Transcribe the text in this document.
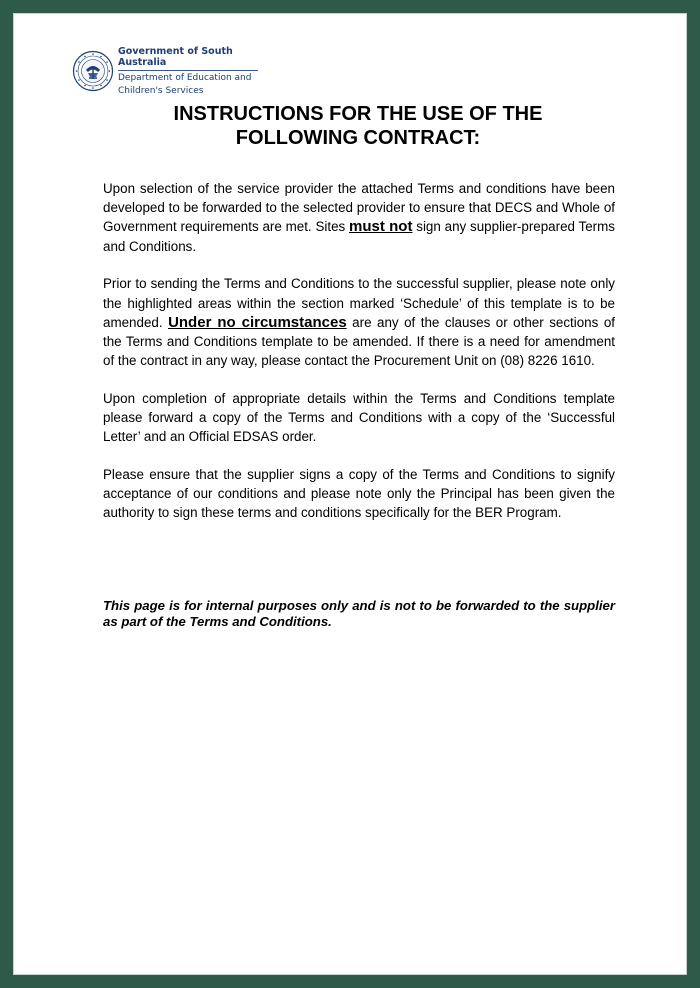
Government of South Australia
Department of Education and
Children's Services
INSTRUCTIONS FOR THE USE OF THE
FOLLOWING CONTRACT:

Upon selection of the service provider the attached Terms and conditions have been developed to be forwarded to the selected provider to ensure that DECS and Whole of Government requirements are met. Sites must not sign any supplier-prepared Terms and Conditions.

Prior to sending the Terms and Conditions to the successful supplier, please note only the highlighted areas within the section marked ‘Schedule’ of this template is to be amended. Under no circumstances are any of the clauses or other sections of the Terms and Conditions template to be amended. If there is a need for amendment of the contract in any way, please contact the Procurement Unit on (08) 8226 1610.

Upon completion of appropriate details within the Terms and Conditions template please forward a copy of the Terms and Conditions with a copy of the ‘Successful Letter’ and an Official EDSAS order.

Please ensure that the supplier signs a copy of the Terms and Conditions to signify acceptance of our conditions and please note only the Principal has been given the authority to sign these terms and conditions specifically for the BER Program.

This page is for internal purposes only and is not to be forwarded to the supplier as part of the Terms and Conditions.
